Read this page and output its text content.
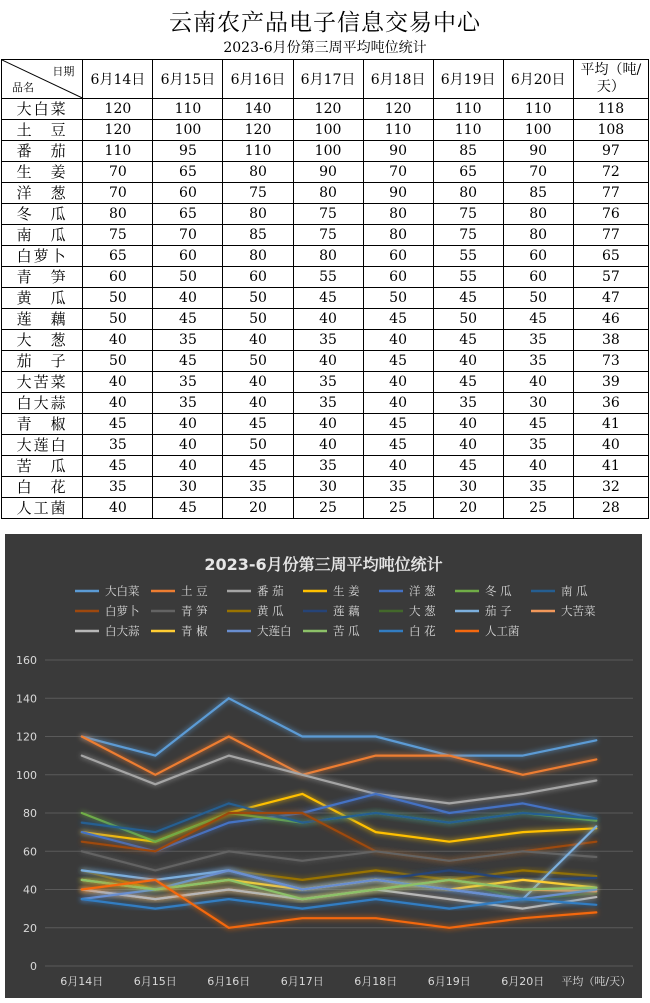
云南农产品电子信息交易中心
2023-6月份第三周平均吨位统计
日期
品名	6月14日	6月15日	6月16日	6月17日	6月18日	6月19日	6月20日	平均（吨/天）
大白菜	120	110	140	120	120	110	110	118
土　豆	120	100	120	100	110	110	100	108
番　茄	110	95	110	100	90	85	90	97
生　姜	70	65	80	90	70	65	70	72
洋　葱	70	60	75	80	90	80	85	77
冬　瓜	80	65	80	75	80	75	80	76
南　瓜	75	70	85	75	80	75	80	77
白萝卜	65	60	80	80	60	55	60	65
青　笋	60	50	60	55	60	55	60	57
黄　瓜	50	40	50	45	50	45	50	47
莲　藕	50	45	50	40	45	50	45	46
大　葱	40	35	40	35	40	45	35	38
茄　子	50	45	50	40	45	40	35	73
大苦菜	40	35	40	35	40	45	40	39
白大蒜	40	35	40	35	40	35	30	36
青　椒	45	40	45	40	45	40	45	41
大莲白	35	40	50	40	45	40	35	40
苦　瓜	45	40	45	35	40	45	40	41
白　花	35	30	35	30	35	30	35	32
人工菌	40	45	20	25	25	20	25	28
2023-6月份第三周平均吨位统计
大白菜	土 豆	番 茄	生 姜	洋 葱	冬 瓜	南 瓜
白萝卜	青 笋	黄 瓜	莲 藕	大 葱	茄 子	大苦菜
白大蒜	青 椒	大莲白	苦 瓜	白 花	人工菌
0
20
40
60
80
100
120
140
160
6月14日	6月15日	6月16日	6月17日	6月18日	6月19日	6月20日 平均（吨/天）
